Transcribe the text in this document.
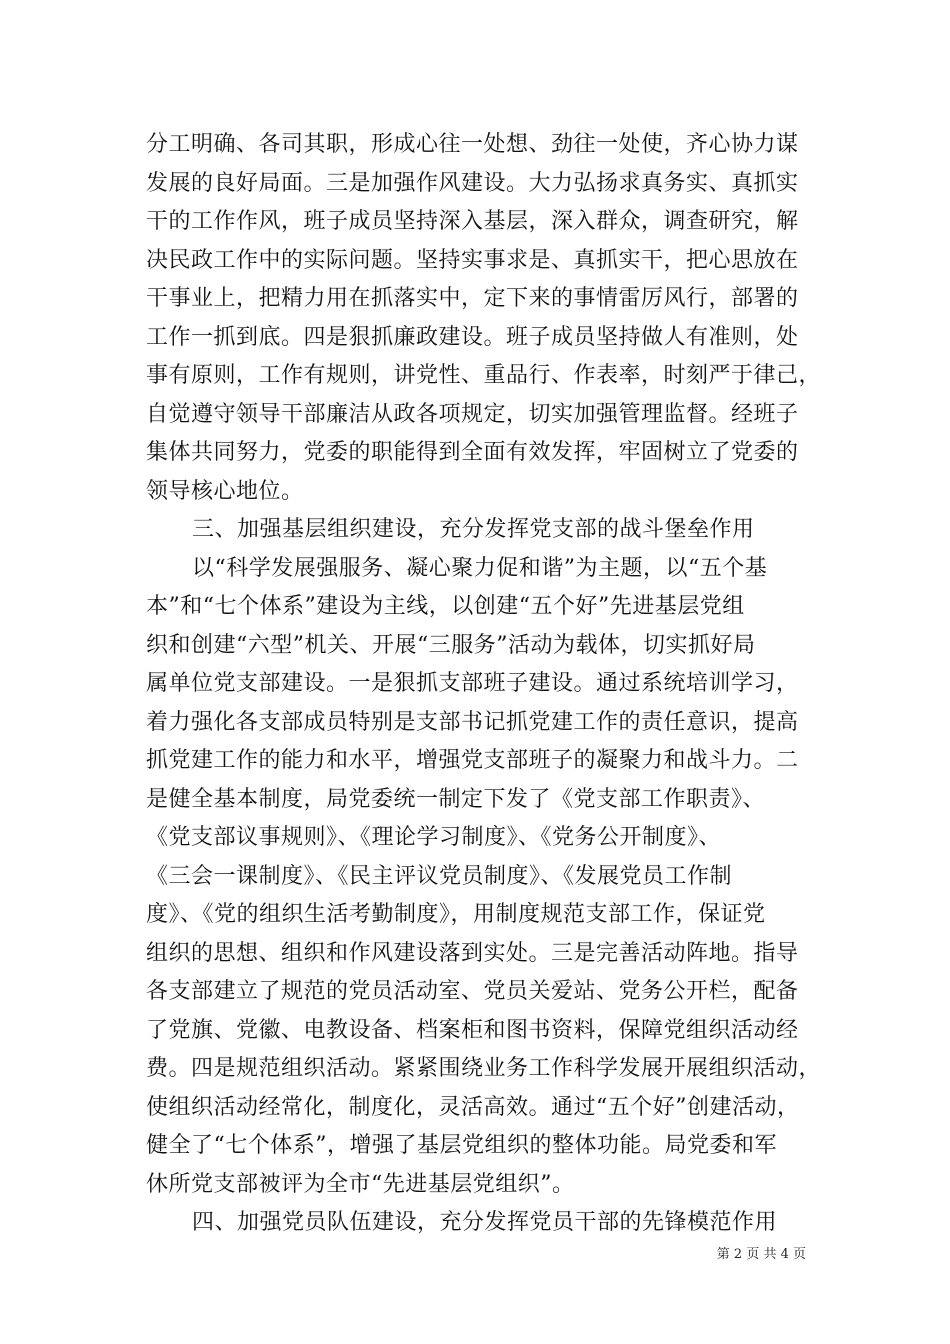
分工明确、各司其职，形成心往一处想、劲往一处使，齐心协力谋
发展的良好局面。三是加强作风建设。大力弘扬求真务实、真抓实
干的工作作风，班子成员坚持深入基层，深入群众，调查研究，解
决民政工作中的实际问题。坚持实事求是、真抓实干，把心思放在
干事业上，把精力用在抓落实中，定下来的事情雷厉风行，部署的
工作一抓到底。四是狠抓廉政建设。班子成员坚持做人有准则，处
事有原则，工作有规则，讲党性、重品行、作表率，时刻严于律己，
自觉遵守领导干部廉洁从政各项规定，切实加强管理监督。经班子
集体共同努力，党委的职能得到全面有效发挥，牢固树立了党委的
领导核心地位。
三、加强基层组织建设，充分发挥党支部的战斗堡垒作用
以“科学发展强服务、凝心聚力促和谐”为主题，以“五个基
本”和“七个体系”建设为主线，以创建“五个好”先进基层党组
织和创建“六型”机关、开展“三服务”活动为载体，切实抓好局
属单位党支部建设。一是狠抓支部班子建设。通过系统培训学习，
着力强化各支部成员特别是支部书记抓党建工作的责任意识，提高
抓党建工作的能力和水平，增强党支部班子的凝聚力和战斗力。二
是健全基本制度，局党委统一制定下发了《党支部工作职责》、
《党支部议事规则》、《理论学习制度》、《党务公开制度》、
《三会一课制度》、《民主评议党员制度》、《发展党员工作制
度》、《党的组织生活考勤制度》，用制度规范支部工作，保证党
组织的思想、组织和作风建设落到实处。三是完善活动阵地。指导
各支部建立了规范的党员活动室、党员关爱站、党务公开栏，配备
了党旗、党徽、电教设备、档案柜和图书资料，保障党组织活动经
费。四是规范组织活动。紧紧围绕业务工作科学发展开展组织活动，
使组织活动经常化，制度化，灵活高效。通过“五个好”创建活动，
健全了“七个体系”，增强了基层党组织的整体功能。局党委和军
休所党支部被评为全市“先进基层党组织”。
四、加强党员队伍建设，充分发挥党员干部的先锋模范作用
第 2 页 共 4 页
